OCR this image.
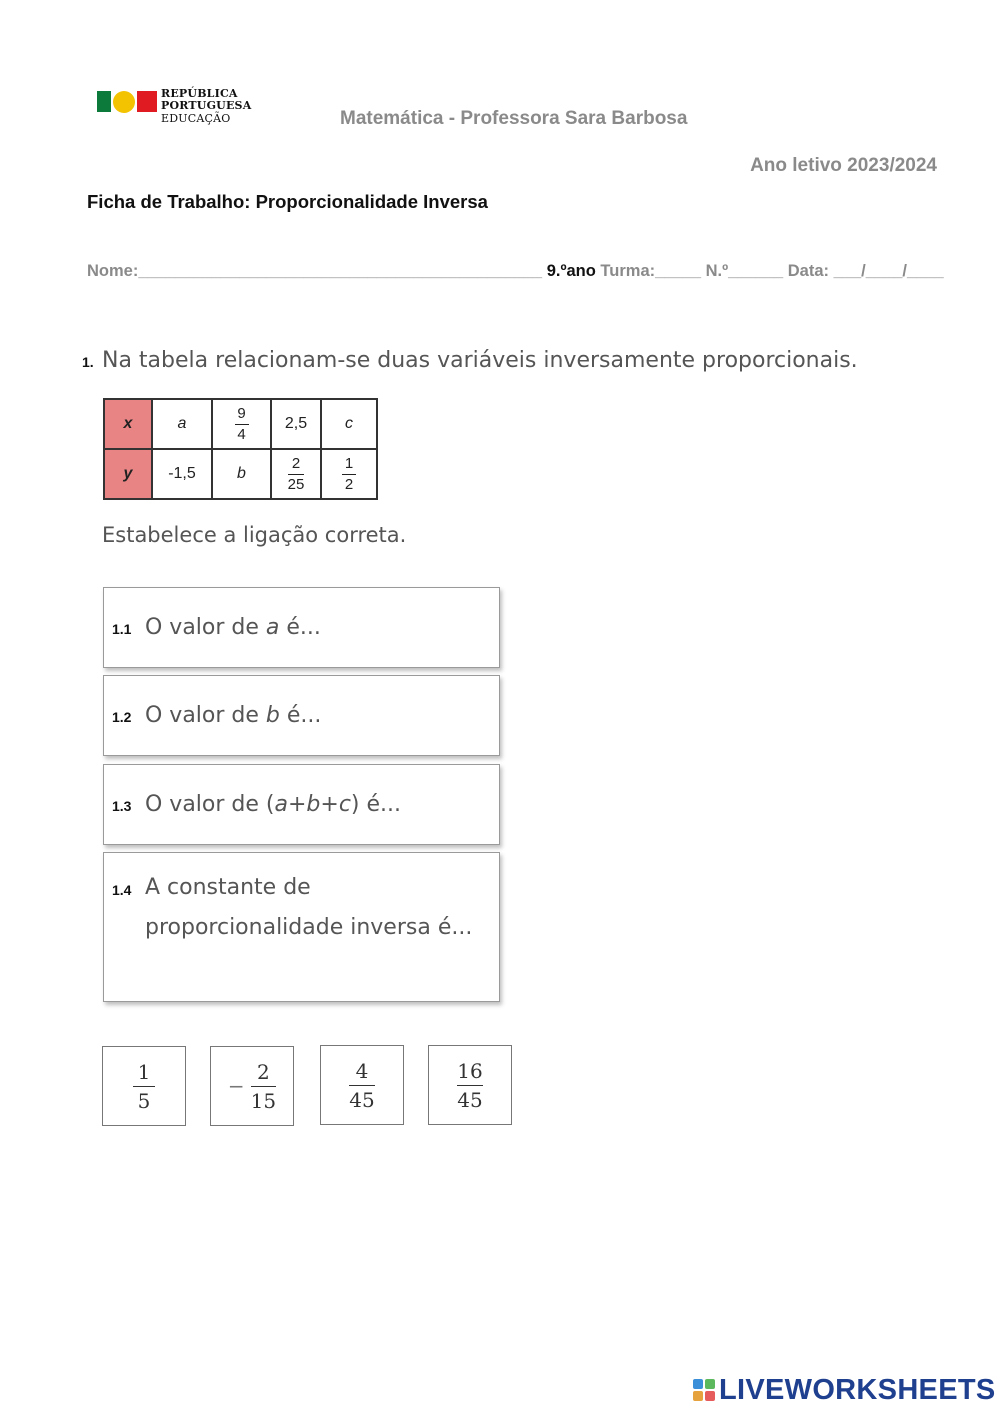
REPÚBLICA
PORTUGUESA
EDUCAÇÃO	Matemática - Professora Sara Barbosa
Ano letivo 2023/2024
Ficha de Trabalho: Proporcionalidade Inversa
Nome:____________________________________________ 9.ºano Turma:_____ N.º______ Data: ___/____/____
1. Na tabela relacionam-se duas variáveis inversamente proporcionais.
x	a	$\frac{9}{4}$	2,5	c
y	-1,5	b	$\frac{2}{25}$	$\frac{1}{2}$
Estabelece a ligação correta.
1.1 O valor de a é...
1.2 O valor de b é...
1.3 O valor de (a+b+c) é...
1.4 A constante de proporcionalidade inversa é...
$\frac{1}{5}$	− $\frac{2}{15}$	$\frac{4}{45}$	$\frac{16}{45}$
LIVEWORKSHEETS
